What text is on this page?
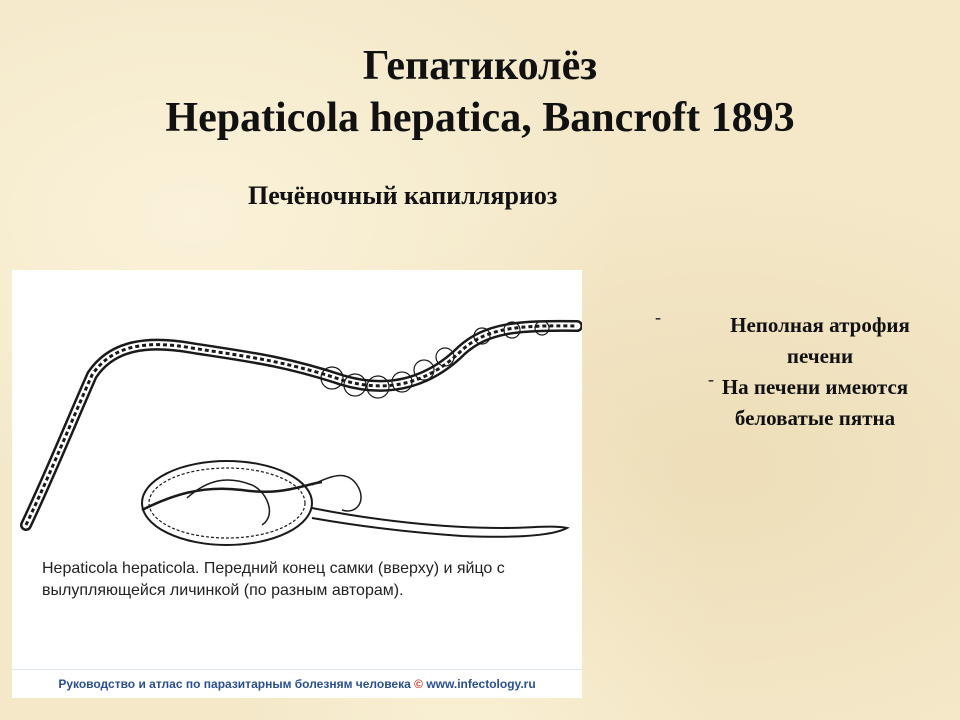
Гепатиколёз
Hepaticola hepatica, Bancroft 1893
Печёночный капилляриоз
Hepaticola hepaticola. Передний конец самки (вверху) и яйцо с вылупляющейся личинкой (по разным авторам).
Руководство и атлас по паразитарным болезням человека © www.infectology.ru
-	Неполная атрофия печени
- На печени имеются беловатые пятна
